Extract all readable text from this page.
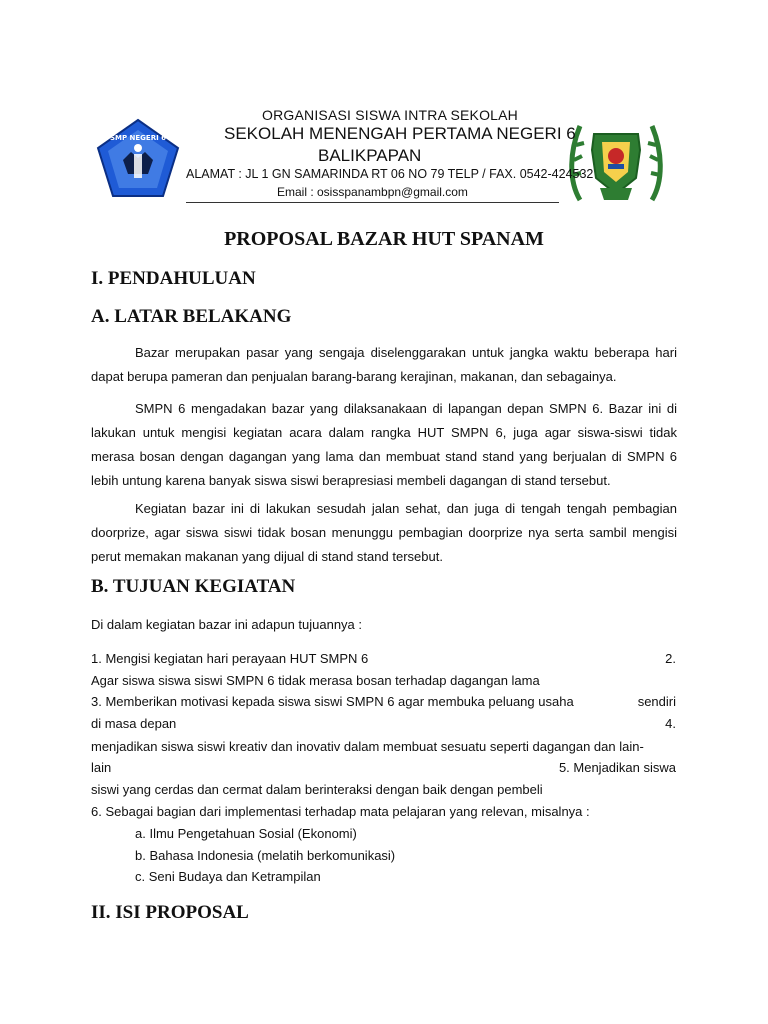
SMP NEGERI 6
ORGANISASI SISWA INTRA SEKOLAH
SEKOLAH MENENGAH PERTAMA NEGERI 6
BALIKPAPAN
ALAMAT : JL 1 GN SAMARINDA RT 06 NO 79 TELP / FAX. 0542-424532
Email : osisspanambpn@gmail.com
PROPOSAL BAZAR HUT SPANAM
I. PENDAHULUAN
A. LATAR BELAKANG
Bazar merupakan pasar yang sengaja diselenggarakan untuk jangka waktu beberapa hari dapat berupa pameran dan penjualan barang-barang kerajinan, makanan, dan sebagainya.
SMPN 6 mengadakan bazar yang dilaksanakaan di lapangan depan SMPN 6. Bazar ini di lakukan untuk mengisi kegiatan acara dalam rangka HUT SMPN 6, juga agar siswa-siswi tidak merasa bosan dengan dagangan yang lama dan membuat stand stand yang berjualan di SMPN 6 lebih untung karena banyak siswa siswi berapresiasi membeli dagangan di stand tersebut.
Kegiatan bazar ini di lakukan sesudah jalan sehat, dan juga di tengah tengah pembagian doorprize, agar siswa siswi tidak bosan menunggu pembagian doorprize nya serta sambil mengisi perut memakan makanan yang dijual di stand stand tersebut.
B. TUJUAN KEGIATAN
Di dalam kegiatan bazar ini adapun tujuannya :
1. Mengisi kegiatan hari perayaan HUT SMPN 6	2.
Agar siswa siswa siswi SMPN 6 tidak merasa bosan terhadap dagangan lama
3. Memberikan motivasi kepada siswa siswi SMPN 6 agar membuka peluang usaha	sendiri
di masa depan	4.
menjadikan siswa siswi kreativ dan inovativ dalam membuat sesuatu seperti dagangan dan lain-
lain	5. Menjadikan siswa
siswi yang cerdas dan cermat dalam berinteraksi dengan baik dengan pembeli
6. Sebagai bagian dari implementasi terhadap mata pelajaran yang relevan, misalnya :
a. Ilmu Pengetahuan Sosial (Ekonomi)
b. Bahasa Indonesia (melatih berkomunikasi)
c. Seni Budaya dan Ketrampilan
II. ISI PROPOSAL
